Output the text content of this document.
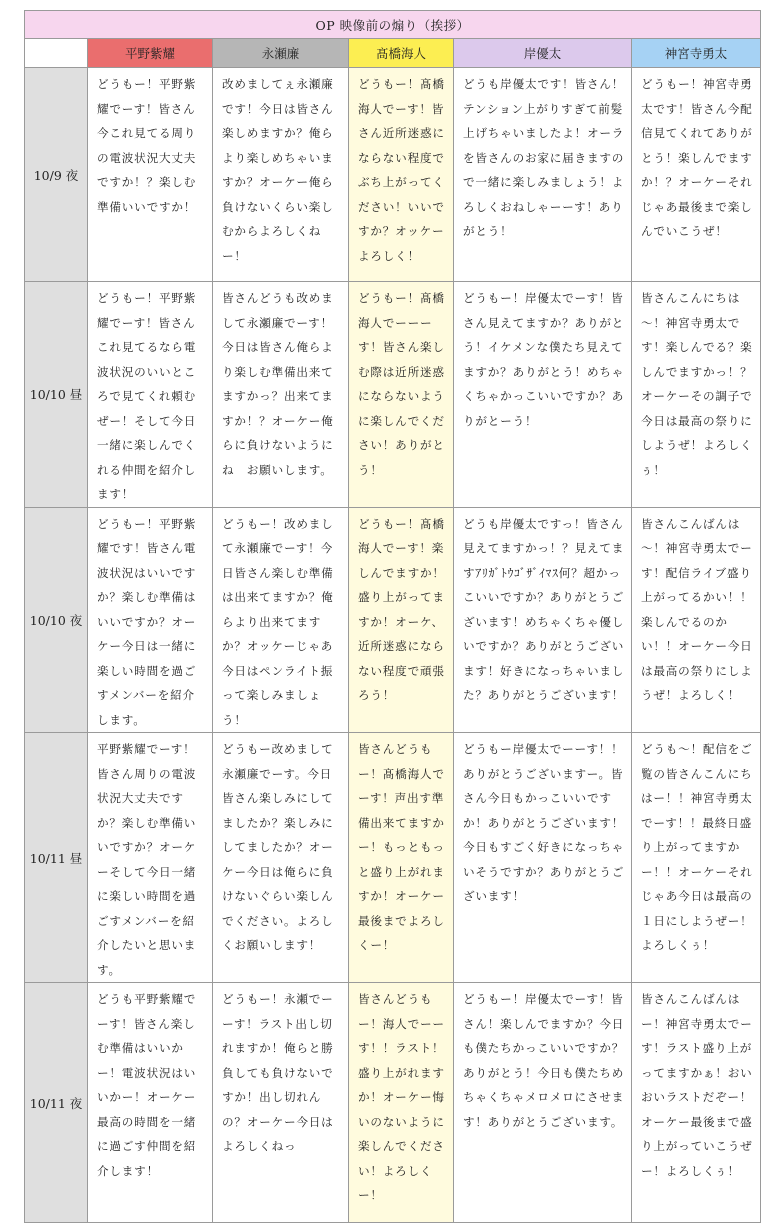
OP 映像前の煽り（挨拶）					
	平野紫耀	永瀬廉	髙橋海人	岸優太	神宮寺勇太
10/9 夜	どうもー！平野紫耀でーす！皆さん今これ見てる周りの電波状況大丈夫ですか！？楽しむ準備いいですか！	改めましてぇ永瀬廉です！今日は皆さん楽しめますか？俺らより楽しめちゃいますか？オーケー俺ら負けないくらい楽しむからよろしくねー！	どうもー！髙橋海人でーす！皆さん近所迷惑にならない程度でぶち上がってください！いいですか？オッケーよろしく！	どうも岸優太です！皆さん！テンション上がりすぎて前髪上げちゃいましたよ！オーラを皆さんのお家に届きますので一緒に楽しみましょう！よろしくおねしゃーーす！ありがとう！	どうもー！神宮寺勇太です！皆さん今配信見てくれてありがとう！楽しんでますか！？オーケーそれじゃあ最後まで楽しんでいこうぜ！
10/10 昼	どうもー！平野紫耀でーす！皆さんこれ見てるなら電波状況のいいところで見てくれ頼むぜー！そして今日一緒に楽しんでくれる仲間を紹介します！	皆さんどうも改めまして永瀬廉でーす！今日は皆さん俺らより楽しむ準備出来てますかっ？出来てますか！？オーケー俺らに負けないようにね　お願いします。	どうもー！髙橋海人でーーー す！皆さん楽しむ際は近所迷惑にならないように楽しんでください！ありがとう！	どうもー！岸優太でーす！皆さん見えてますか？ありがとう！イケメンな僕たち見えてますか？ありがとう！めちゃくちゃかっこいいですか？ありがとーう！	皆さんこんにちは～！神宮寺勇太です！楽しんでる？楽しんでますかっ！？オーケーその調子で今日は最高の祭りにしようぜ！よろしくぅ！
10/10 夜	どうもー！平野紫耀です！皆さん電波状況はいいですか？楽しむ準備はいいですか？オーケー今日は一緒に楽しい時間を過ごすメンバーを紹介します。	どうもー！改めまして永瀬廉でーす！今日皆さん楽しむ準備は出来てますか？俺らより出来てますか？オッケーじゃあ今日はペンライト振って楽しみましょう！	どうもー！髙橋海人でーす！楽しんでますか！盛り上がってますか！オーケ、近所迷惑にならない程度で頑張ろう！	どうも岸優太ですっ！皆さん見えてますかっ！？見えてますｱﾘｶﾞﾄｳｺﾞｻﾞｲﾏｽ何？超かっこいいですか？ありがとうございます！めちゃくちゃ優しいですか？ありがとうございます！好きになっちゃいました？ありがとうございます！	皆さんこんばんは～！神宮寺勇太でーす！配信ライブ盛り上がってるかい！！楽しんでるのかい！！オーケー今日は最高の祭りにしようぜ！よろしく！
10/11 昼	平野紫耀でーす！皆さん周りの電波状況大丈夫ですか？楽しむ準備いいですか？オーケーそして今日一緒に楽しい時間を過ごすメンバーを紹介したいと思います。	どうもー改めまして永瀬廉でーす。今日皆さん楽しみにしてましたか？楽しみにしてましたか？オーケー今日は俺らに負けないぐらい楽しんでください。よろしくお願いします！	皆さんどうもー！髙橋海人でーす！声出す準備出来てますかー！もっともっと盛り上がれますか！オーケー最後までよろしくー！	どうもー岸優太でーーす！！ありがとうございますー。皆さん今日もかっこいいですか！ありがとうございます！今日もすごく好きになっちゃいそうですか？ありがとうございます！	どうも～！配信をご覧の皆さんこんにちはー！！神宮寺勇太でーす！！最終日盛り上がってますかー！！オーケーそれじゃあ今日は最高の１日にしようぜー！よろしくぅ！
10/11 夜	どうも平野紫耀でーす！皆さん楽しむ準備はいいかー！電波状況はいいかー！オーケー最高の時間を一緒に過ごす仲間を紹介します！	どうもー！永瀬でーーす！ラスト出し切れますか！俺らと勝負しても負けないですか！出し切れんの？オーケー今日はよろしくねっ	皆さんどうもー！海人でーーす！！ラスト！盛り上がれますか！オーケー悔いのないように楽しんでください！よろしくー！	どうもー！岸優太でーす！皆さん！楽しんでますか？今日も僕たちかっこいいですか？ありがとう！今日も僕たちめちゃくちゃメロメロにさせます！ありがとうございます。	皆さんこんばんはー！神宮寺勇太でーす！ラスト盛り上がってますかぁ！おいおいラストだぞー！オーケー最後まで盛り上がっていこうぜー！よろしくぅ！
